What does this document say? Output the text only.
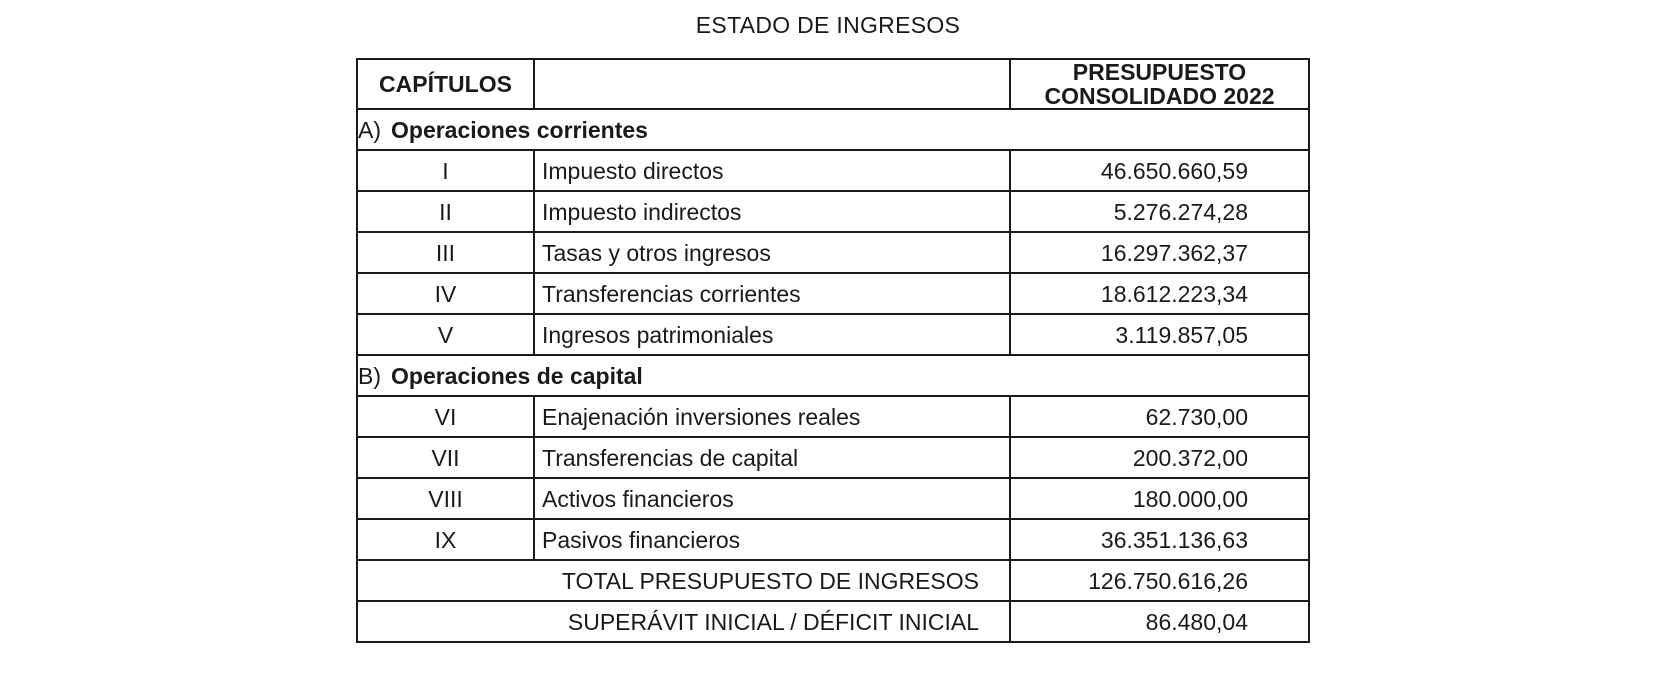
ESTADO DE INGRESOS
CAPÍTULOS		PRESUPUESTO
CONSOLIDADO 2022
A) Operaciones corrientes		
I	Impuesto directos	46.650.660,59
II	Impuesto indirectos	5.276.274,28
III	Tasas y otros ingresos	16.297.362,37
IV	Transferencias corrientes	18.612.223,34
V	Ingresos patrimoniales	3.119.857,05
B) Operaciones de capital		
VI	Enajenación inversiones reales	62.730,00
VII	Transferencias de capital	200.372,00
VIII	Activos financieros	180.000,00
IX	Pasivos financieros	36.351.136,63
TOTAL PRESUPUESTO DE INGRESOS		126.750.616,26
SUPERÁVIT INICIAL / DÉFICIT INICIAL		86.480,04
